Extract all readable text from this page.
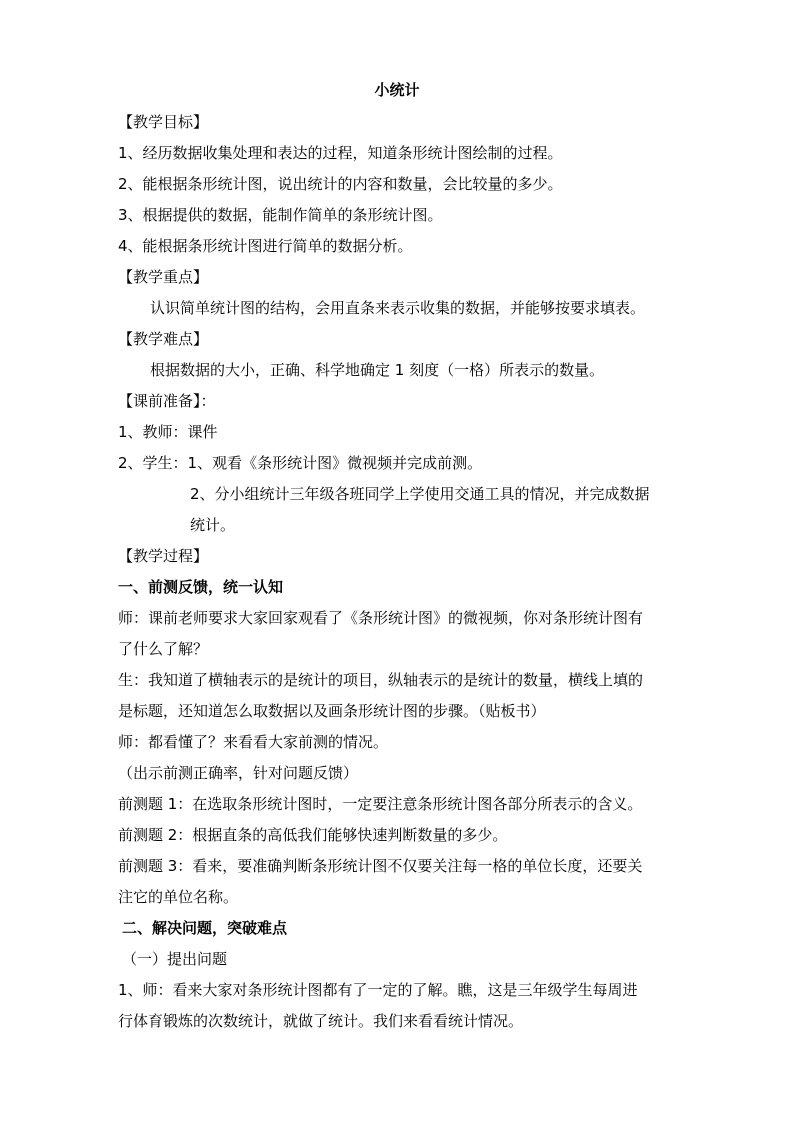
小统计
【教学目标】
1、经历数据收集处理和表达的过程，知道条形统计图绘制的过程。
2、能根据条形统计图，说出统计的内容和数量，会比较量的多少。
3、根据提供的数据，能制作简单的条形统计图。
4、能根据条形统计图进行简单的数据分析。
【教学重点】
认识简单统计图的结构，会用直条来表示收集的数据，并能够按要求填表。
【教学难点】
根据数据的大小，正确、科学地确定 1 刻度（一格）所表示的数量。
【课前准备】：
1、教师：课件
2、学生：1、观看《条形统计图》微视频并完成前测。
2、分小组统计三年级各班同学上学使用交通工具的情况，并完成数据
统计。
【教学过程】
一、前测反馈，统一认知
师：课前老师要求大家回家观看了《条形统计图》的微视频，你对条形统计图有
了什么了解？
生：我知道了横轴表示的是统计的项目，纵轴表示的是统计的数量，横线上填的
是标题，还知道怎么取数据以及画条形统计图的步骤。（贴板书）
师：都看懂了？来看看大家前测的情况。
（出示前测正确率，针对问题反馈）
前测题 1：在选取条形统计图时，一定要注意条形统计图各部分所表示的含义。
前测题 2：根据直条的高低我们能够快速判断数量的多少。
前测题 3：看来，要准确判断条形统计图不仅要关注每一格的单位长度，还要关
注它的单位名称。
二、解决问题，突破难点
（一）提出问题
1、师：看来大家对条形统计图都有了一定的了解。瞧，这是三年级学生每周进
行体育锻炼的次数统计，就做了统计。我们来看看统计情况。
